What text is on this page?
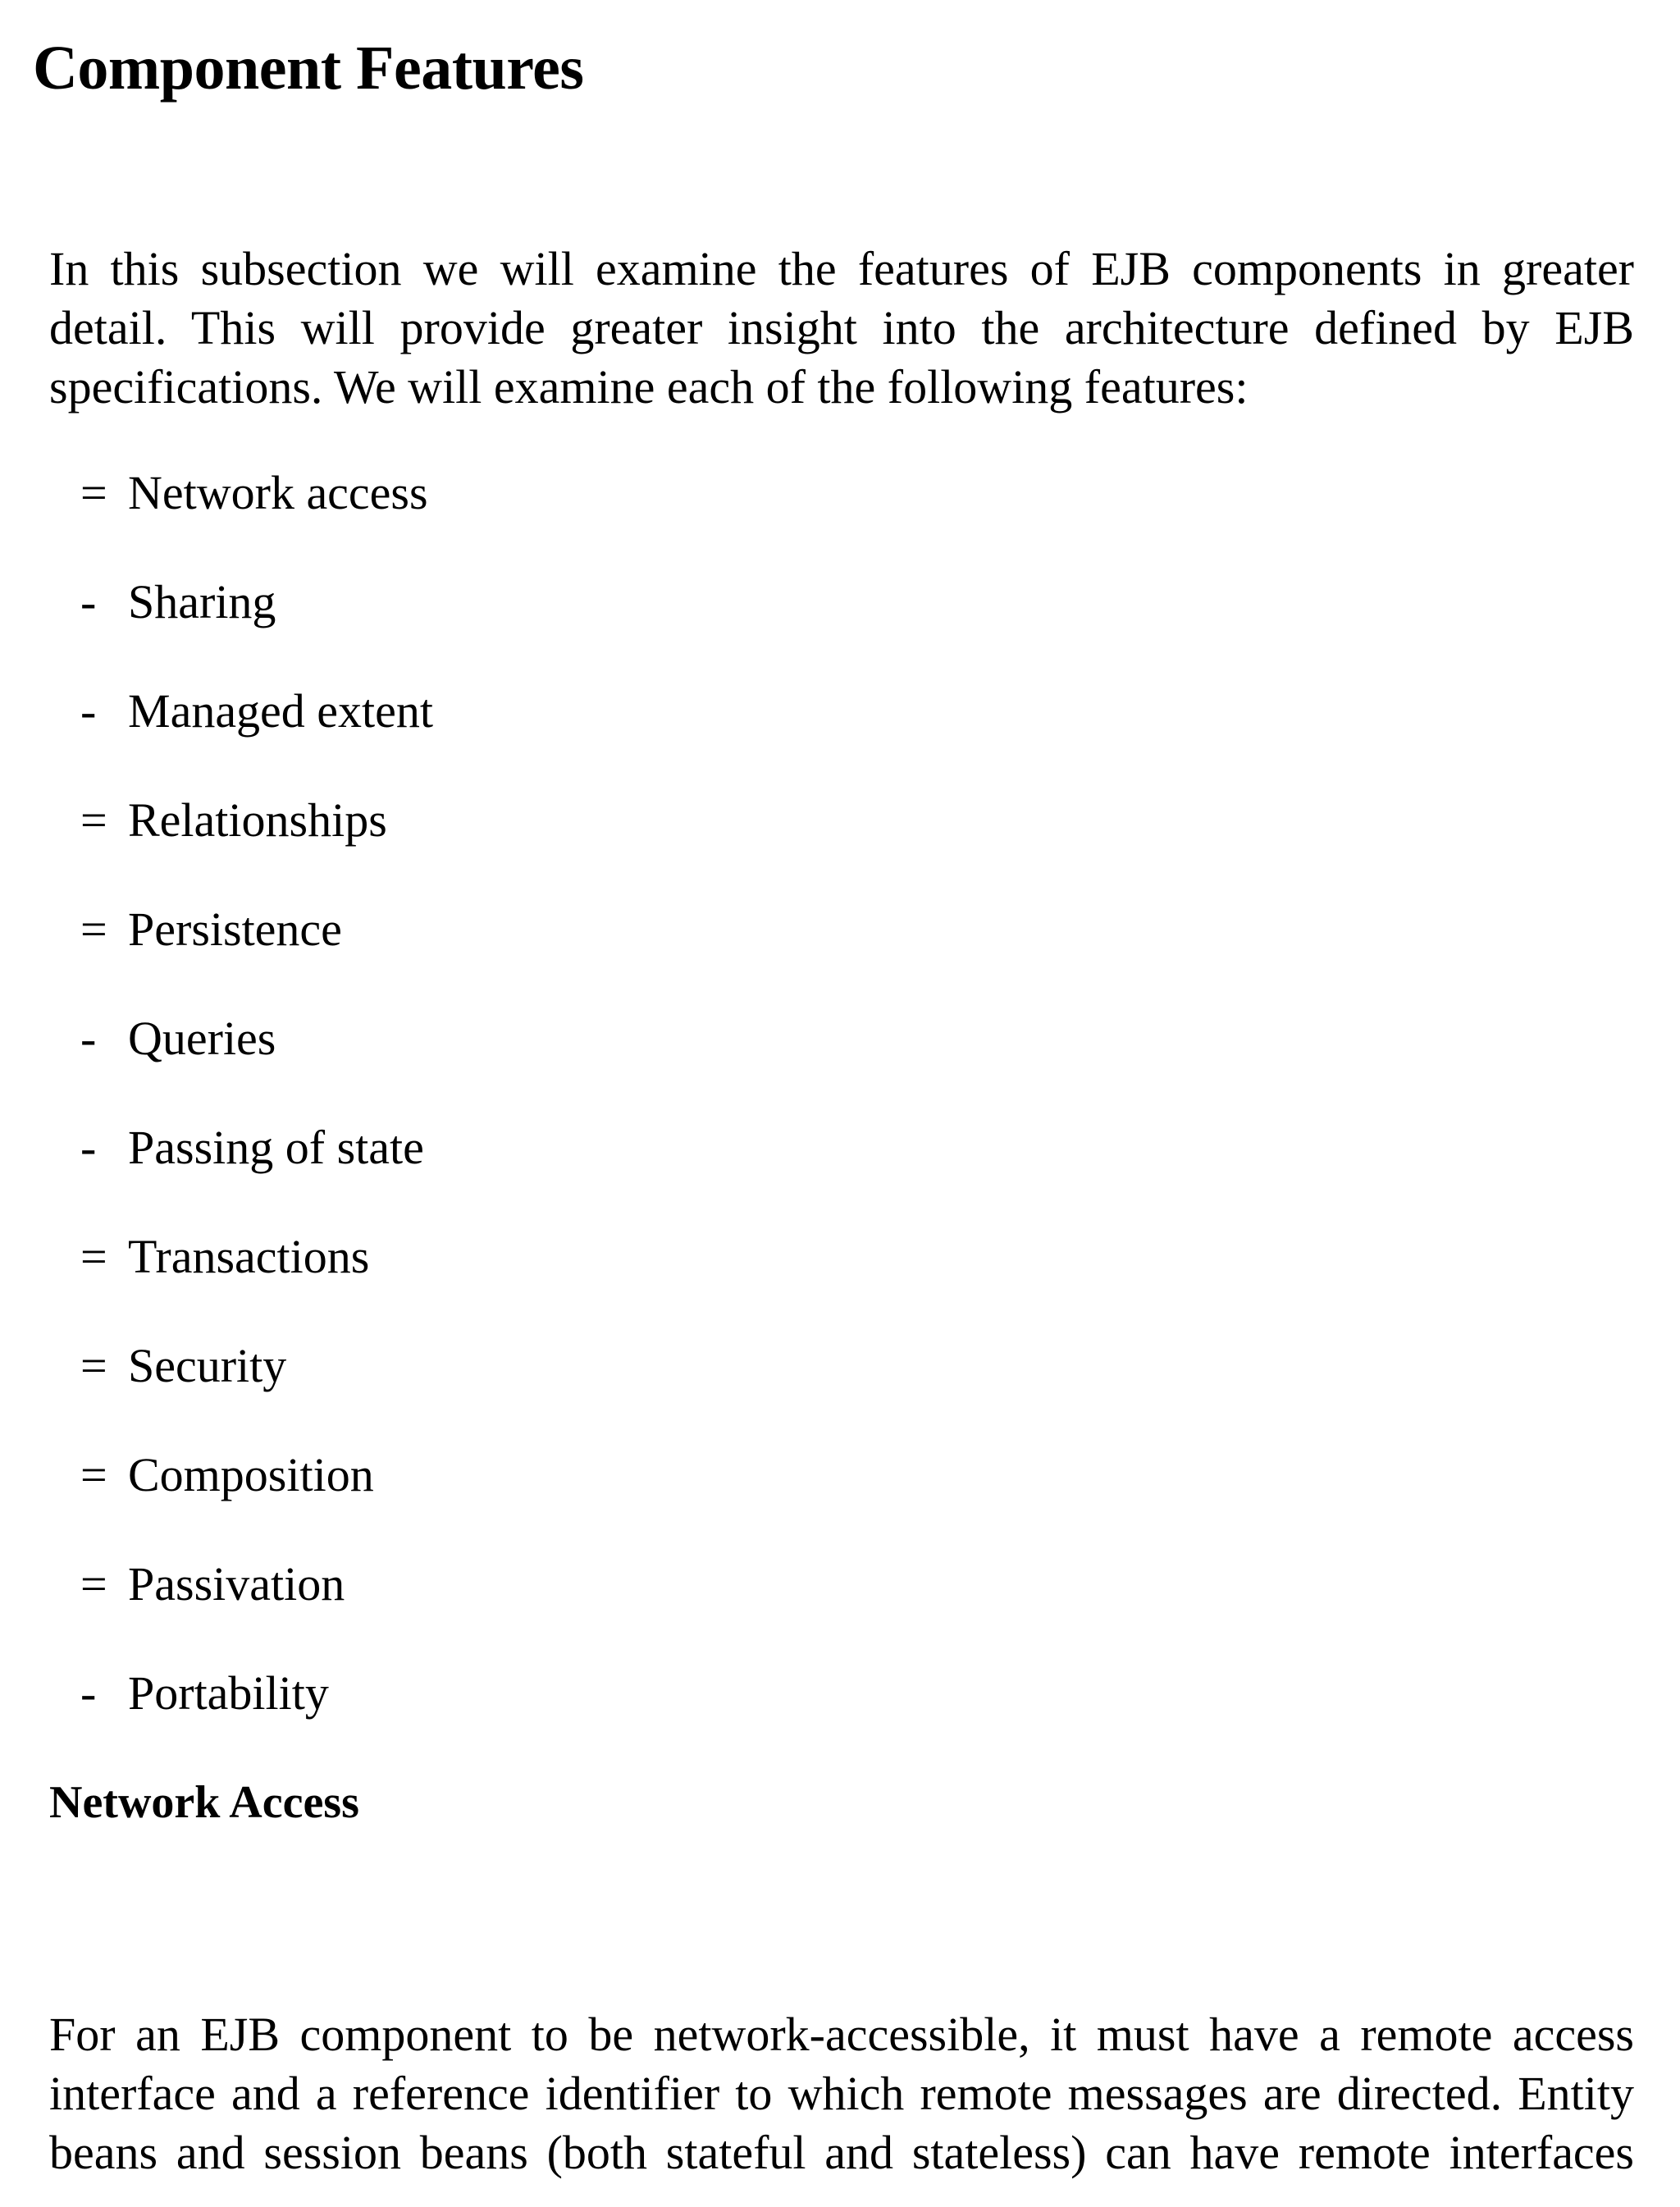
Component Features

In this subsection we will examine the features of EJB components in greater
detail. This will provide greater insight into the architecture defined by EJB
specifications. We will examine each of the following features:

= Network access
- Sharing
- Managed extent
= Relationships
= Persistence
- Queries
- Passing of state
= Transactions
= Security
= Composition
= Passivation
- Portability
Network Access

For an EJB component to be network-accessible, it must have a remote access
interface and a reference identifier to which remote messages are directed. Entity
beans and session beans (both stateful and stateless) can have remote interfaces
